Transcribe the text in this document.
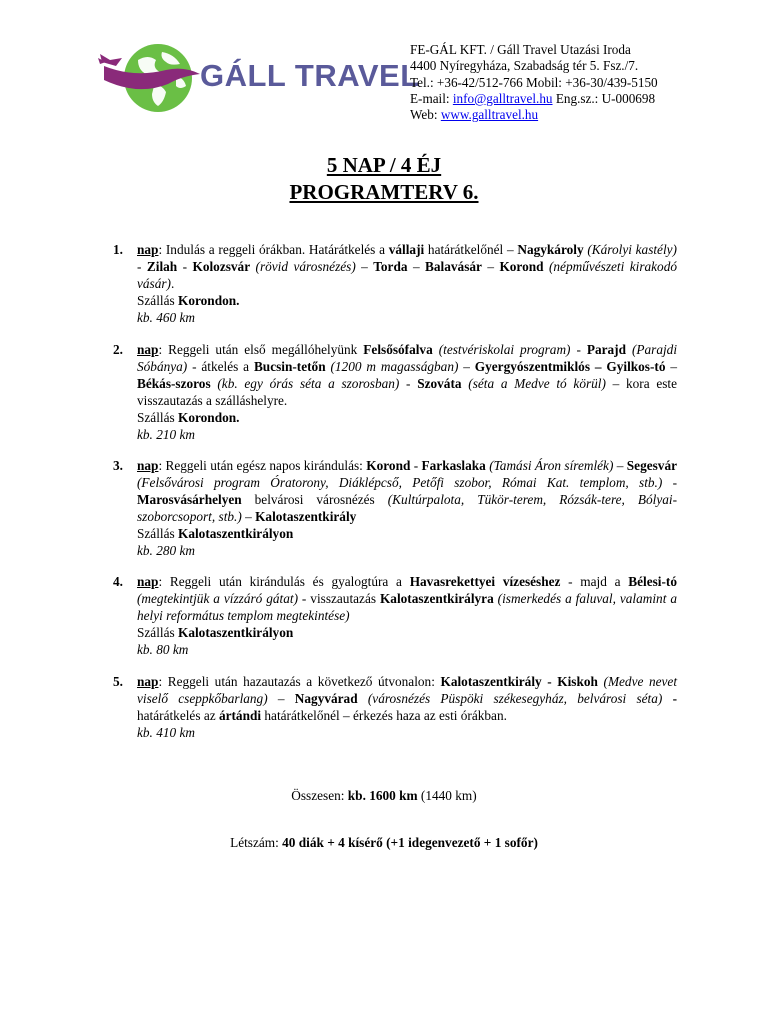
GÁLL TRAVEL
FE-GÁL KFT. / Gáll Travel Utazási Iroda
4400 Nyíregyháza, Szabadság tér 5. Fsz./7.
Tel.: +36-42/512-766 Mobil: +36-30/439-5150
E-mail: info@galltravel.hu Eng.sz.: U-000698
Web: www.galltravel.hu
5 NAP / 4 ÉJ
PROGRAMTERV 6.
1. nap: Indulás a reggeli órákban. Határátkelés a vállaji határátkelőnél – Nagykároly (Károlyi kastély) - Zilah - Kolozsvár (rövid városnézés) – Torda – Balavásár – Korond (népművészeti kirakodó vásár).

Szállás Korondon.

kb. 460 km

2. nap: Reggeli után első megállóhelyünk Felsősófalva (testvériskolai program) - Parajd (Parajdi Sóbánya) - átkelés a Bucsin-tetőn (1200 m magasságban) – Gyergyószentmiklós – Gyilkos-tó – Békás-szoros (kb. egy órás séta a szorosban) - Szováta (séta a Medve tó körül) – kora este visszautazás a szálláshelyre.

Szállás Korondon.

kb. 210 km

3. nap: Reggeli után egész napos kirándulás: Korond - Farkaslaka (Tamási Áron síremlék) – Segesvár (Felsővárosi program Óratorony, Diáklépcső, Petőfi szobor, Római Kat. templom, stb.) - Marosvásárhelyen belvárosi városnézés (Kultúrpalota, Tükör-terem, Rózsák-tere, Bólyai-szoborcsoport, stb.) – Kalotaszentkirály

Szállás Kalotaszentkirályon

kb. 280 km

4. nap: Reggeli után kirándulás és gyalogtúra a Havasrekettyei vízeséshez - majd a Bélesi-tó (megtekintjük a vízzáró gátat) - visszautazás Kalotaszentkirályra (ismerkedés a faluval, valamint a helyi református templom megtekintése)

Szállás Kalotaszentkirályon

kb. 80 km

5. nap: Reggeli után hazautazás a következő útvonalon: Kalotaszentkirály - Kiskoh (Medve nevet viselő cseppkőbarlang) – Nagyvárad (városnézés Püspöki székesegyház, belvárosi séta) - határátkelés az ártándi határátkelőnél – érkezés haza az esti órákban.

kb. 410 km

Összesen: kb. 1600 km (1440 km)
Létszám: 40 diák + 4 kísérő (+1 idegenvezető + 1 sofőr)
